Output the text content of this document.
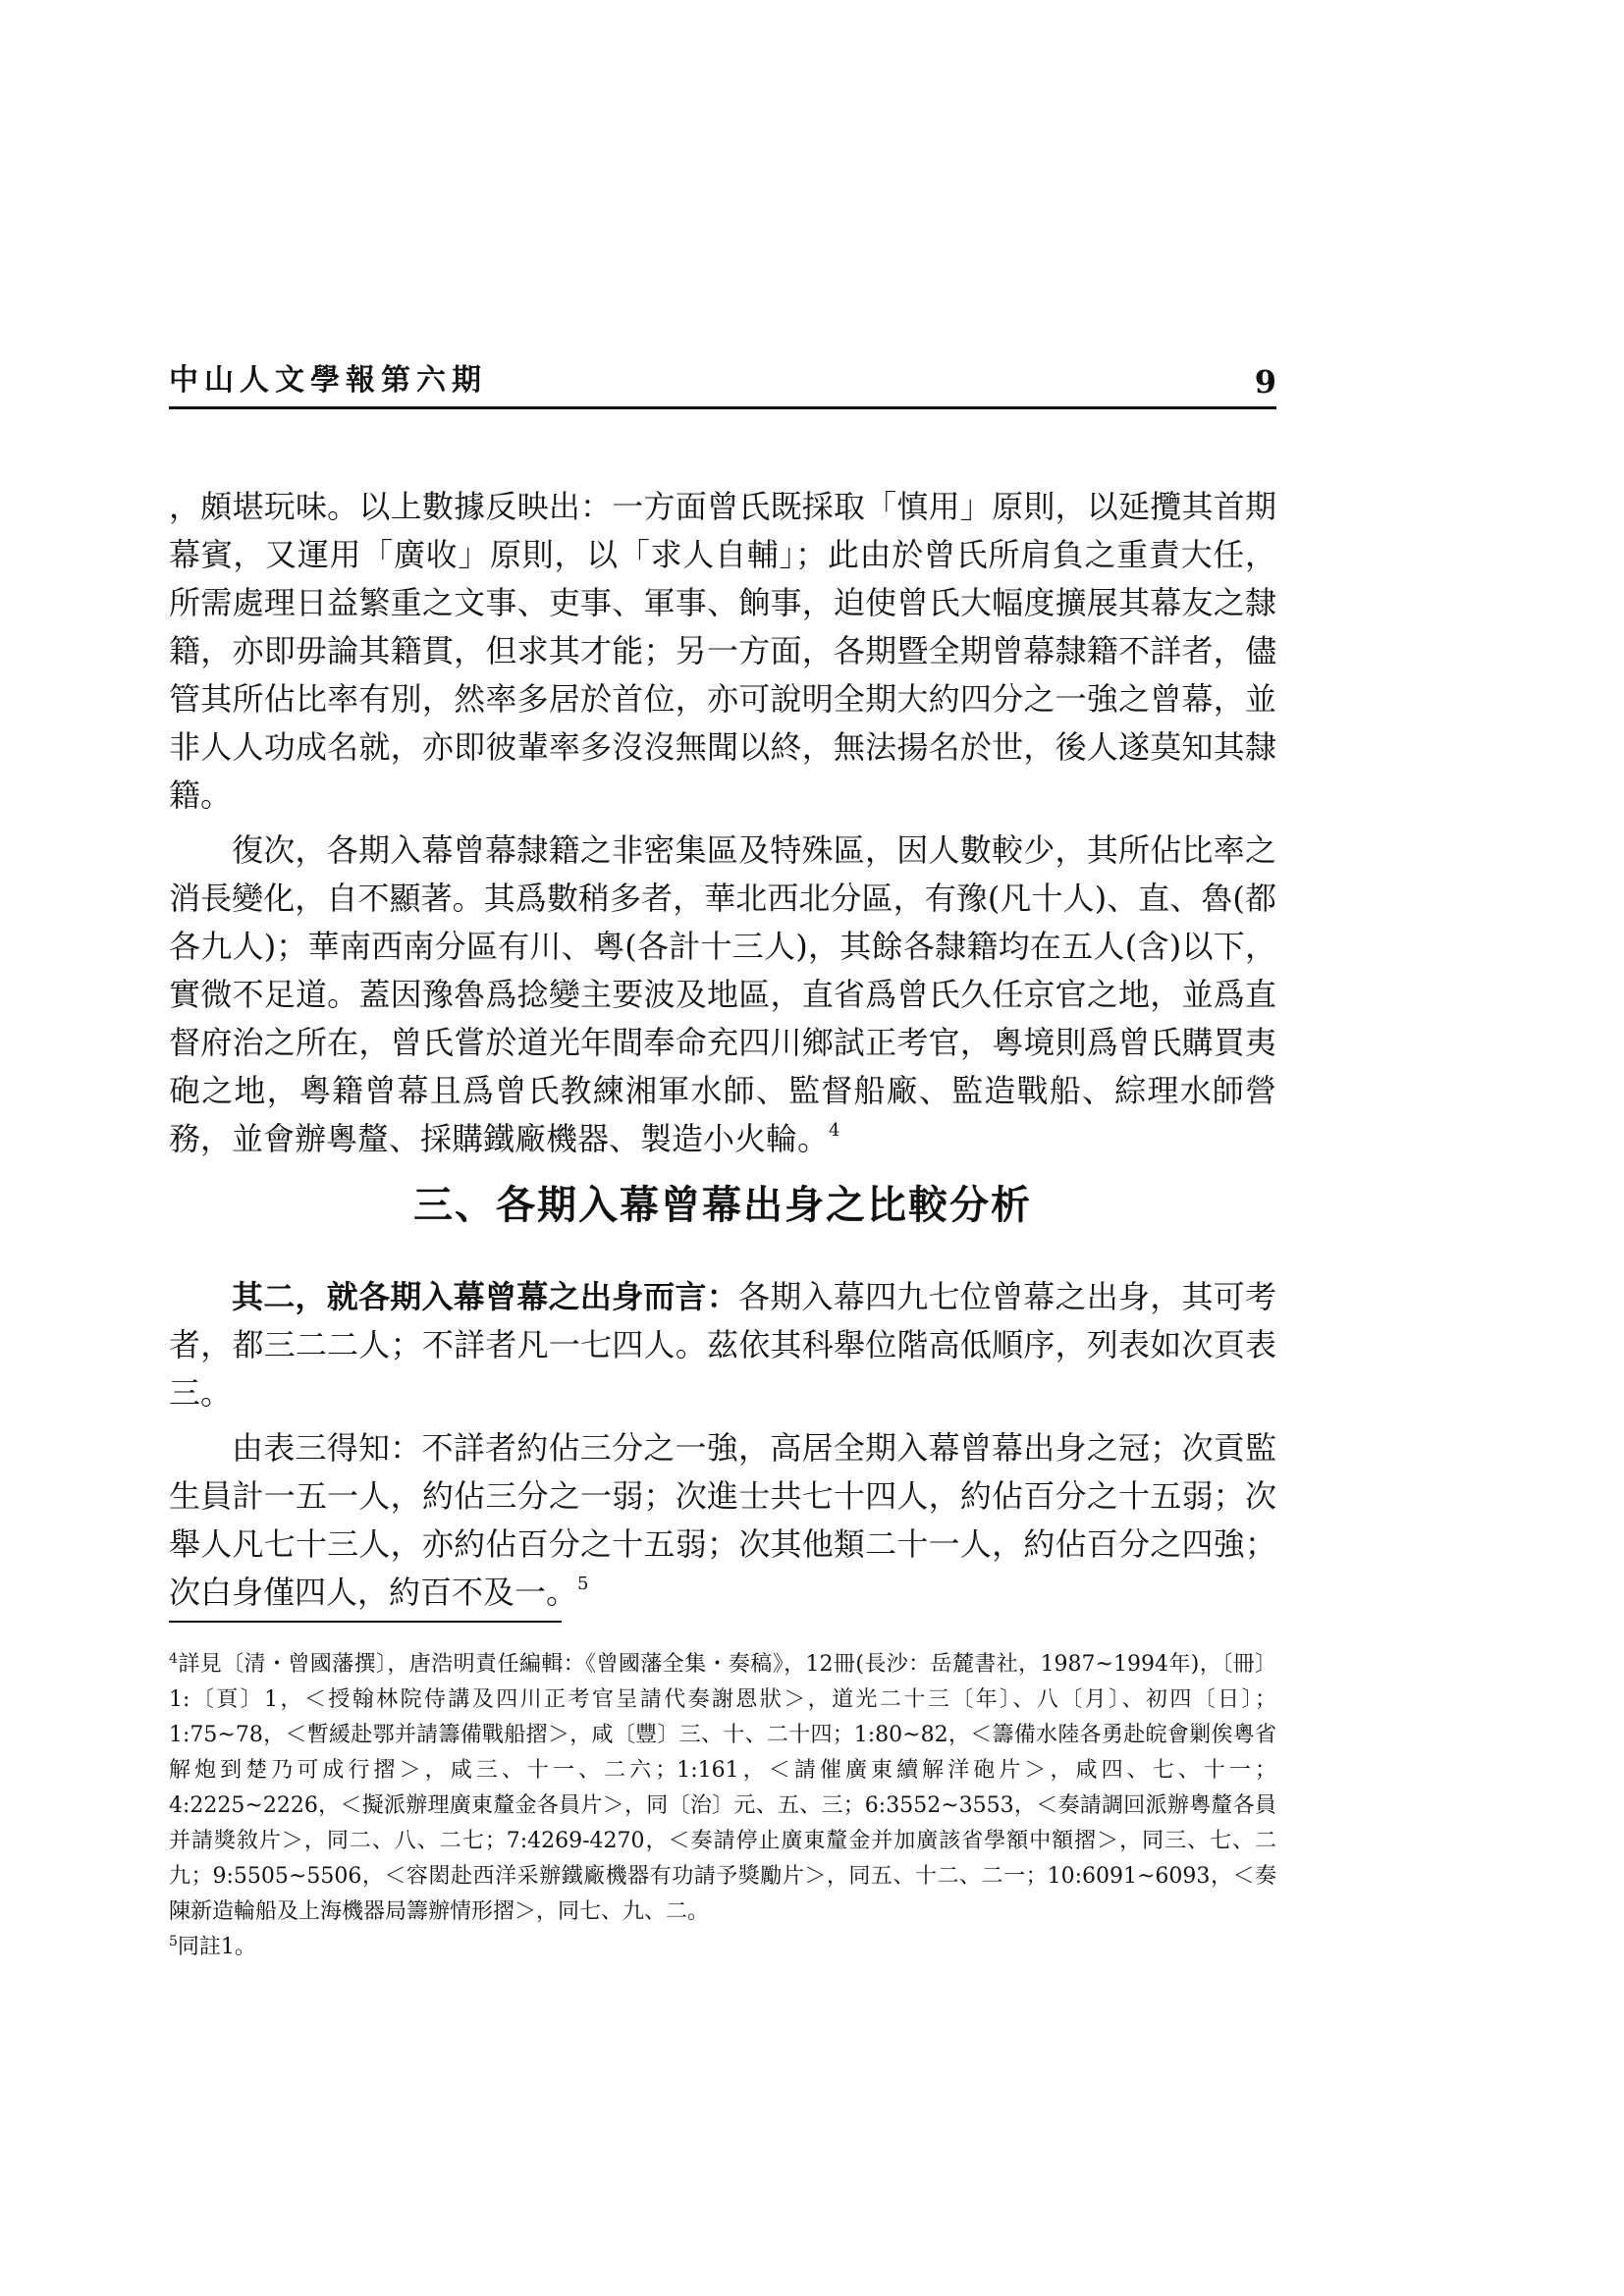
中山人文學報第六期	9

，頗堪玩味。以上數據反映出：一方面曾氏既採取「慎用」原則，以延攬其首期幕賓，又運用「廣收」原則，以「求人自輔」；此由於曾氏所肩負之重責大任，所需處理日益繁重之文事、吏事、軍事、餉事，迫使曾氏大幅度擴展其幕友之隸籍，亦即毋論其籍貫，但求其才能；另一方面，各期暨全期曾幕隸籍不詳者，儘管其所佔比率有別，然率多居於首位，亦可說明全期大約四分之一強之曾幕，並非人人功成名就，亦即彼輩率多沒沒無聞以終，無法揚名於世，後人遂莫知其隸籍。

復次，各期入幕曾幕隸籍之非密集區及特殊區，因人數較少，其所佔比率之消長變化，自不顯著。其爲數稍多者，華北西北分區，有豫(凡十人)、直、魯(都各九人)；華南西南分區有川、粵(各計十三人)，其餘各隸籍均在五人(含)以下，實微不足道。蓋因豫魯爲捻變主要波及地區，直省爲曾氏久任京官之地，並爲直督府治之所在，曾氏嘗於道光年間奉命充四川鄉試正考官，粵境則爲曾氏購買夷砲之地，粵籍曾幕且爲曾氏教練湘軍水師、監督船廠、監造戰船、綜理水師營務，並會辦粵釐、採購鐵廠機器、製造小火輪。$^4$

三、各期入幕曾幕出身之比較分析

其二，就各期入幕曾幕之出身而言：各期入幕四九七位曾幕之出身，其可考者，都三二二人；不詳者凡一七四人。茲依其科舉位階高低順序，列表如次頁表三。

由表三得知：不詳者約佔三分之一強，高居全期入幕曾幕出身之冠；次貢監生員計一五一人，約佔三分之一弱；次進士共七十四人，約佔百分之十五弱；次舉人凡七十三人，亦約佔百分之十五弱；次其他類二十一人，約佔百分之四強；次白身僅四人，約百不及一。$^5$

$^4$詳見〔清・曾國藩撰〕，唐浩明責任編輯：《曾國藩全集・奏稿》，12冊(長沙：岳麓書社，1987~1994年)，〔冊〕1:〔頁〕1，＜授翰林院侍講及四川正考官呈請代奏謝恩狀＞，道光二十三〔年〕、八〔月〕、初四〔日〕；1:75~78，＜暫緩赴鄂并請籌備戰船摺＞，咸〔豐〕三、十、二十四；1:80~82，＜籌備水陸各勇赴皖會剿俟粵省解炮到楚乃可成行摺＞，咸三、十一、二六；1:161，＜請催廣東續解洋砲片＞，咸四、七、十一；4:2225~2226，＜擬派辦理廣東釐金各員片＞，同〔治〕元、五、三；6:3552~3553，＜奏請調回派辦粵釐各員并請獎敘片＞，同二、八、二七；7:4269-4270，＜奏請停止廣東釐金并加廣該省學額中額摺＞，同三、七、二九；9:5505~5506，＜容閎赴西洋采辦鐵廠機器有功請予獎勵片＞，同五、十二、二一；10:6091~6093，＜奏陳新造輪船及上海機器局籌辦情形摺＞，同七、九、二。

$^5$同註1。
